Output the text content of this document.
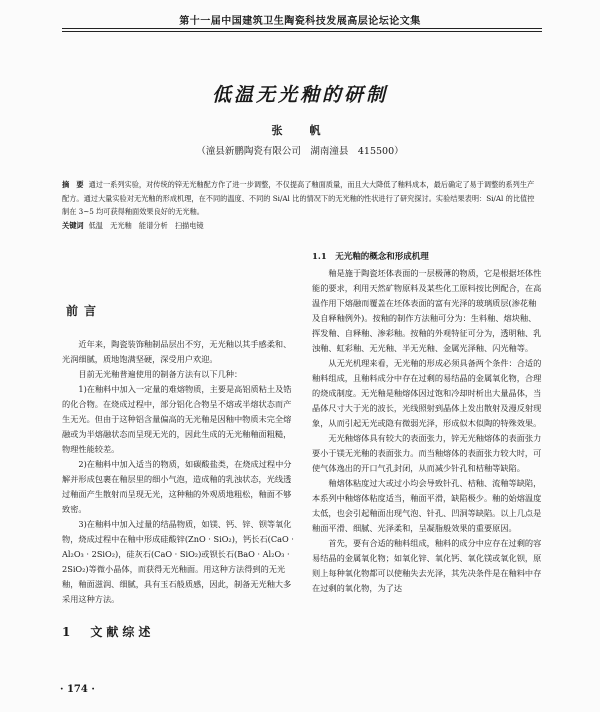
第十一届中国建筑卫生陶瓷科技发展高层论坛论文集
低温无光釉的研制
张　帆
（潼县新鹏陶瓷有限公司　湖南潼县　415500）
摘　要 通过一系列实验，对传统的锌无光釉配方作了进一步调整，不仅提高了釉面质量，而且大大降低了釉料成本，最后确定了易于调整的系列生产配方。通过大量实验对无光釉的形成机理，在不同的温度、不同的 Si/Al 比的情况下的无光釉的性状进行了研究探讨。实验结果表明：Si/Al 的比值控制在 3~5 均可获得釉面效果良好的无光釉。
关键词 低温　无光釉　能谱分析　扫描电镜
前言

近年来，陶瓷装饰釉制品层出不穷，无光釉以其手感柔和、光润细腻，质地饱满坚硬，深受用户欢迎。

目前无光釉普遍使用的制备方法有以下几种：

1)在釉料中加入一定量的难熔物质，主要是高铝质粘土及锆的化合物。在烧成过程中，部分铝化合物呈不熔或半熔状态而产生无光。但由于这种铝含量偏高的无光釉是因釉中物质未完全熔融或为半熔融状态而呈现无光的，因此生成的无光釉釉面粗糙，物理性能较差。

2)在釉料中加入适当的物质，如碳酸盐类，在烧成过程中分解并形成包裹在釉层里的细小气泡，造成釉的乳浊状态，光线透过釉面产生散射而呈现无光，这种釉的外观质地粗松，釉面不够致密。

3)在釉料中加入过量的结晶物质，如镁、钙、锌、钡等氧化物，烧成过程中在釉中形成硅酸锌(ZnO · SiO₂)，钙长石(CaO · Al₂O₃ · 2SiO₂)，硅灰石(CaO · SiO₂)或钡长石(BaO · Al₂O₃ · 2SiO₂)等微小晶体，而获得无光釉面。用这种方法得到的无光釉，釉面滋润、细腻，具有玉石般质感，因此，制备无光釉大多采用这种方法。

1　文献综述
1.1　无光釉的概念和形成机理

釉是施于陶瓷坯体表面的一层极薄的物质，它是根据坯体性能的要求，利用天然矿物原料及某些化工原料按比例配合，在高温作用下熔融而覆盖在坯体表面的富有光泽的玻璃质层(渗花釉及自释釉例外)。按釉的制作方法釉可分为：生料釉、熔块釉、挥发釉、自释釉、渗彩釉。按釉的外观特征可分为，透明釉、乳浊釉、虹彩釉、无光釉、半无光釉、金属光泽釉、闪光釉等。

从无光机理来看，无光釉的形成必须具备两个条件：合适的釉料组成，且釉料成分中存在过剩的易结晶的金属氧化物，合理的烧成制度。无光釉是釉熔体因过饱和冷却时析出大量晶体，当晶体尺寸大于光的波长，光线照射到晶体上发出散射及漫反射现象，从而引起无光或隐有微弱光泽，形成似木似陶的特殊效果。

无光釉熔体具有较大的表面张力，锌无光釉熔体的表面张力要小于镁无光釉的表面张力。而当釉熔体的表面张力较大时，可使气体逸出的开口气孔封闭，从而减少针孔和桔釉等缺陷。

釉熔体粘度过大或过小均会导致针孔、桔釉、流釉等缺陷，本系列中釉熔体粘度适当，釉面平滑，缺陷极少。釉的始熔温度太低，也会引起釉面出现气泡、针孔、凹洞等缺陷。以上几点是釉面平滑、细腻、光泽柔和，呈凝脂般效果的重要原因。

首先，要有合适的釉料组成，釉料的成分中应存在过剩的容易结晶的金属氧化物；如氧化锌、氧化钙、氧化镁或氧化钡，原则上每种氧化物都可以使釉失去光泽，其先决条件是在釉料中存在过剩的氧化物，为了达

· 174 ·
